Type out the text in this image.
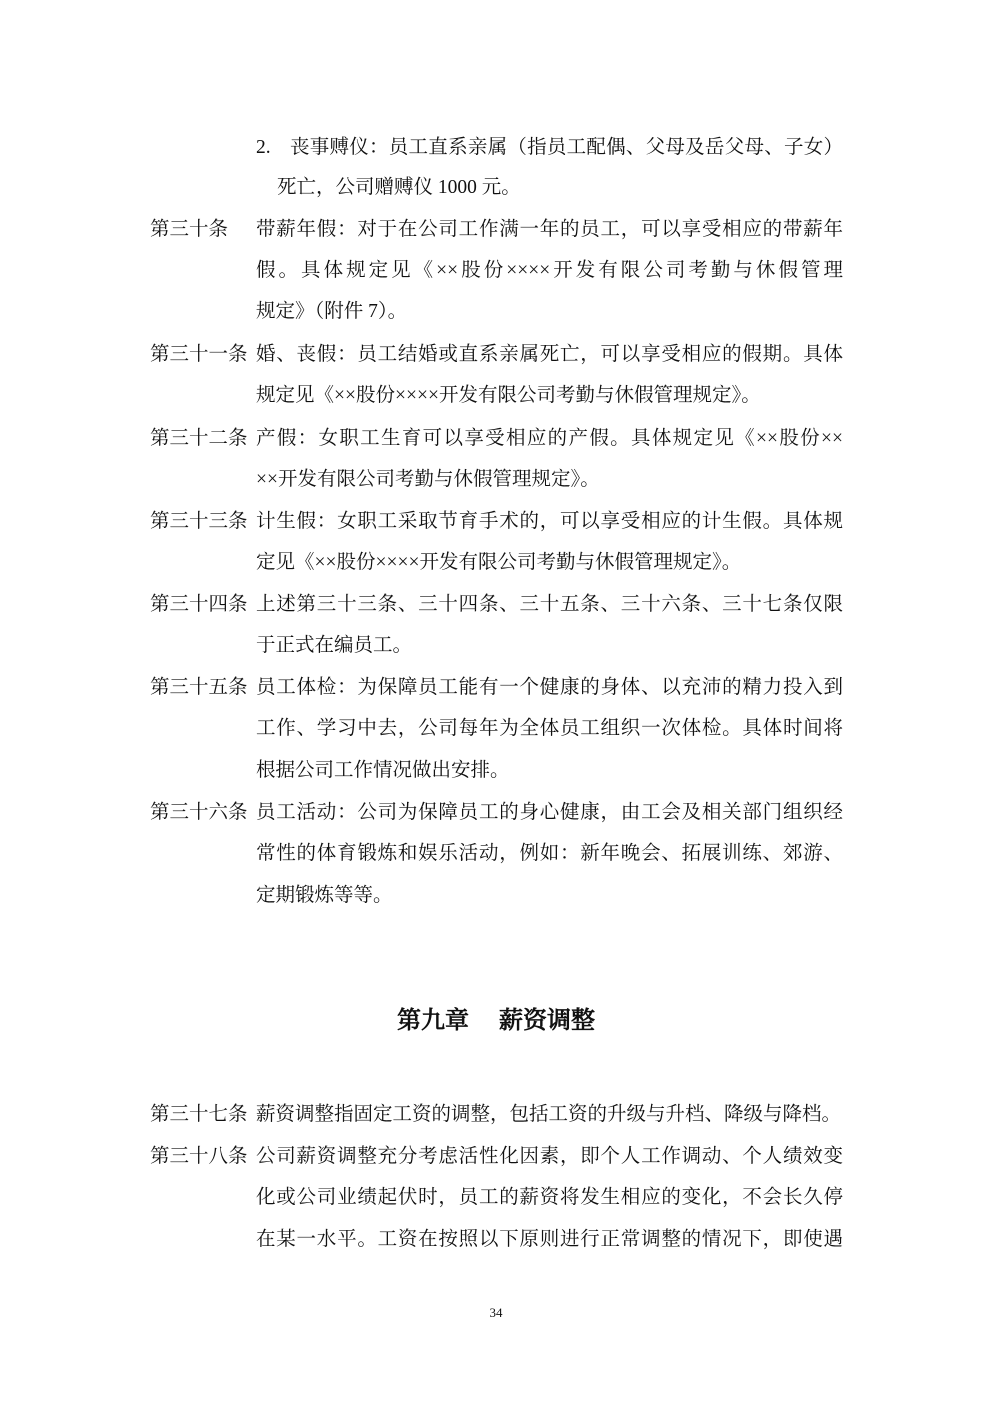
2. 丧事赙仪：员工直系亲属（指员工配偶、父母及岳父母、子女）
死亡，公司赠赙仪 1000 元。
第三十条	带薪年假：对于在公司工作满一年的员工，可以享受相应的带薪年
假。具体规定见《××股份××××开发有限公司考勤与休假管理
规定》（附件 7）。
第三十一条 婚、丧假：员工结婚或直系亲属死亡，可以享受相应的假期。具体
规定见《××股份××××开发有限公司考勤与休假管理规定》。
第三十二条 产假：女职工生育可以享受相应的产假。具体规定见《××股份××
××开发有限公司考勤与休假管理规定》。
第三十三条 计生假：女职工采取节育手术的，可以享受相应的计生假。具体规
定见《××股份××××开发有限公司考勤与休假管理规定》。
第三十四条 上述第三十三条、三十四条、三十五条、三十六条、三十七条仅限
于正式在编员工。
第三十五条 员工体检：为保障员工能有一个健康的身体、以充沛的精力投入到
工作、学习中去，公司每年为全体员工组织一次体检。具体时间将
根据公司工作情况做出安排。
第三十六条 员工活动：公司为保障员工的身心健康，由工会及相关部门组织经
常性的体育锻炼和娱乐活动，例如：新年晚会、拓展训练、郊游、
定期锻炼等等。
第九章 薪资调整
第三十七条 薪资调整指固定工资的调整，包括工资的升级与升档、降级与降档。
第三十八条 公司薪资调整充分考虑活性化因素，即个人工作调动、个人绩效变
化或公司业绩起伏时，员工的薪资将发生相应的变化，不会长久停
在某一水平。工资在按照以下原则进行正常调整的情况下，即使遇
34
